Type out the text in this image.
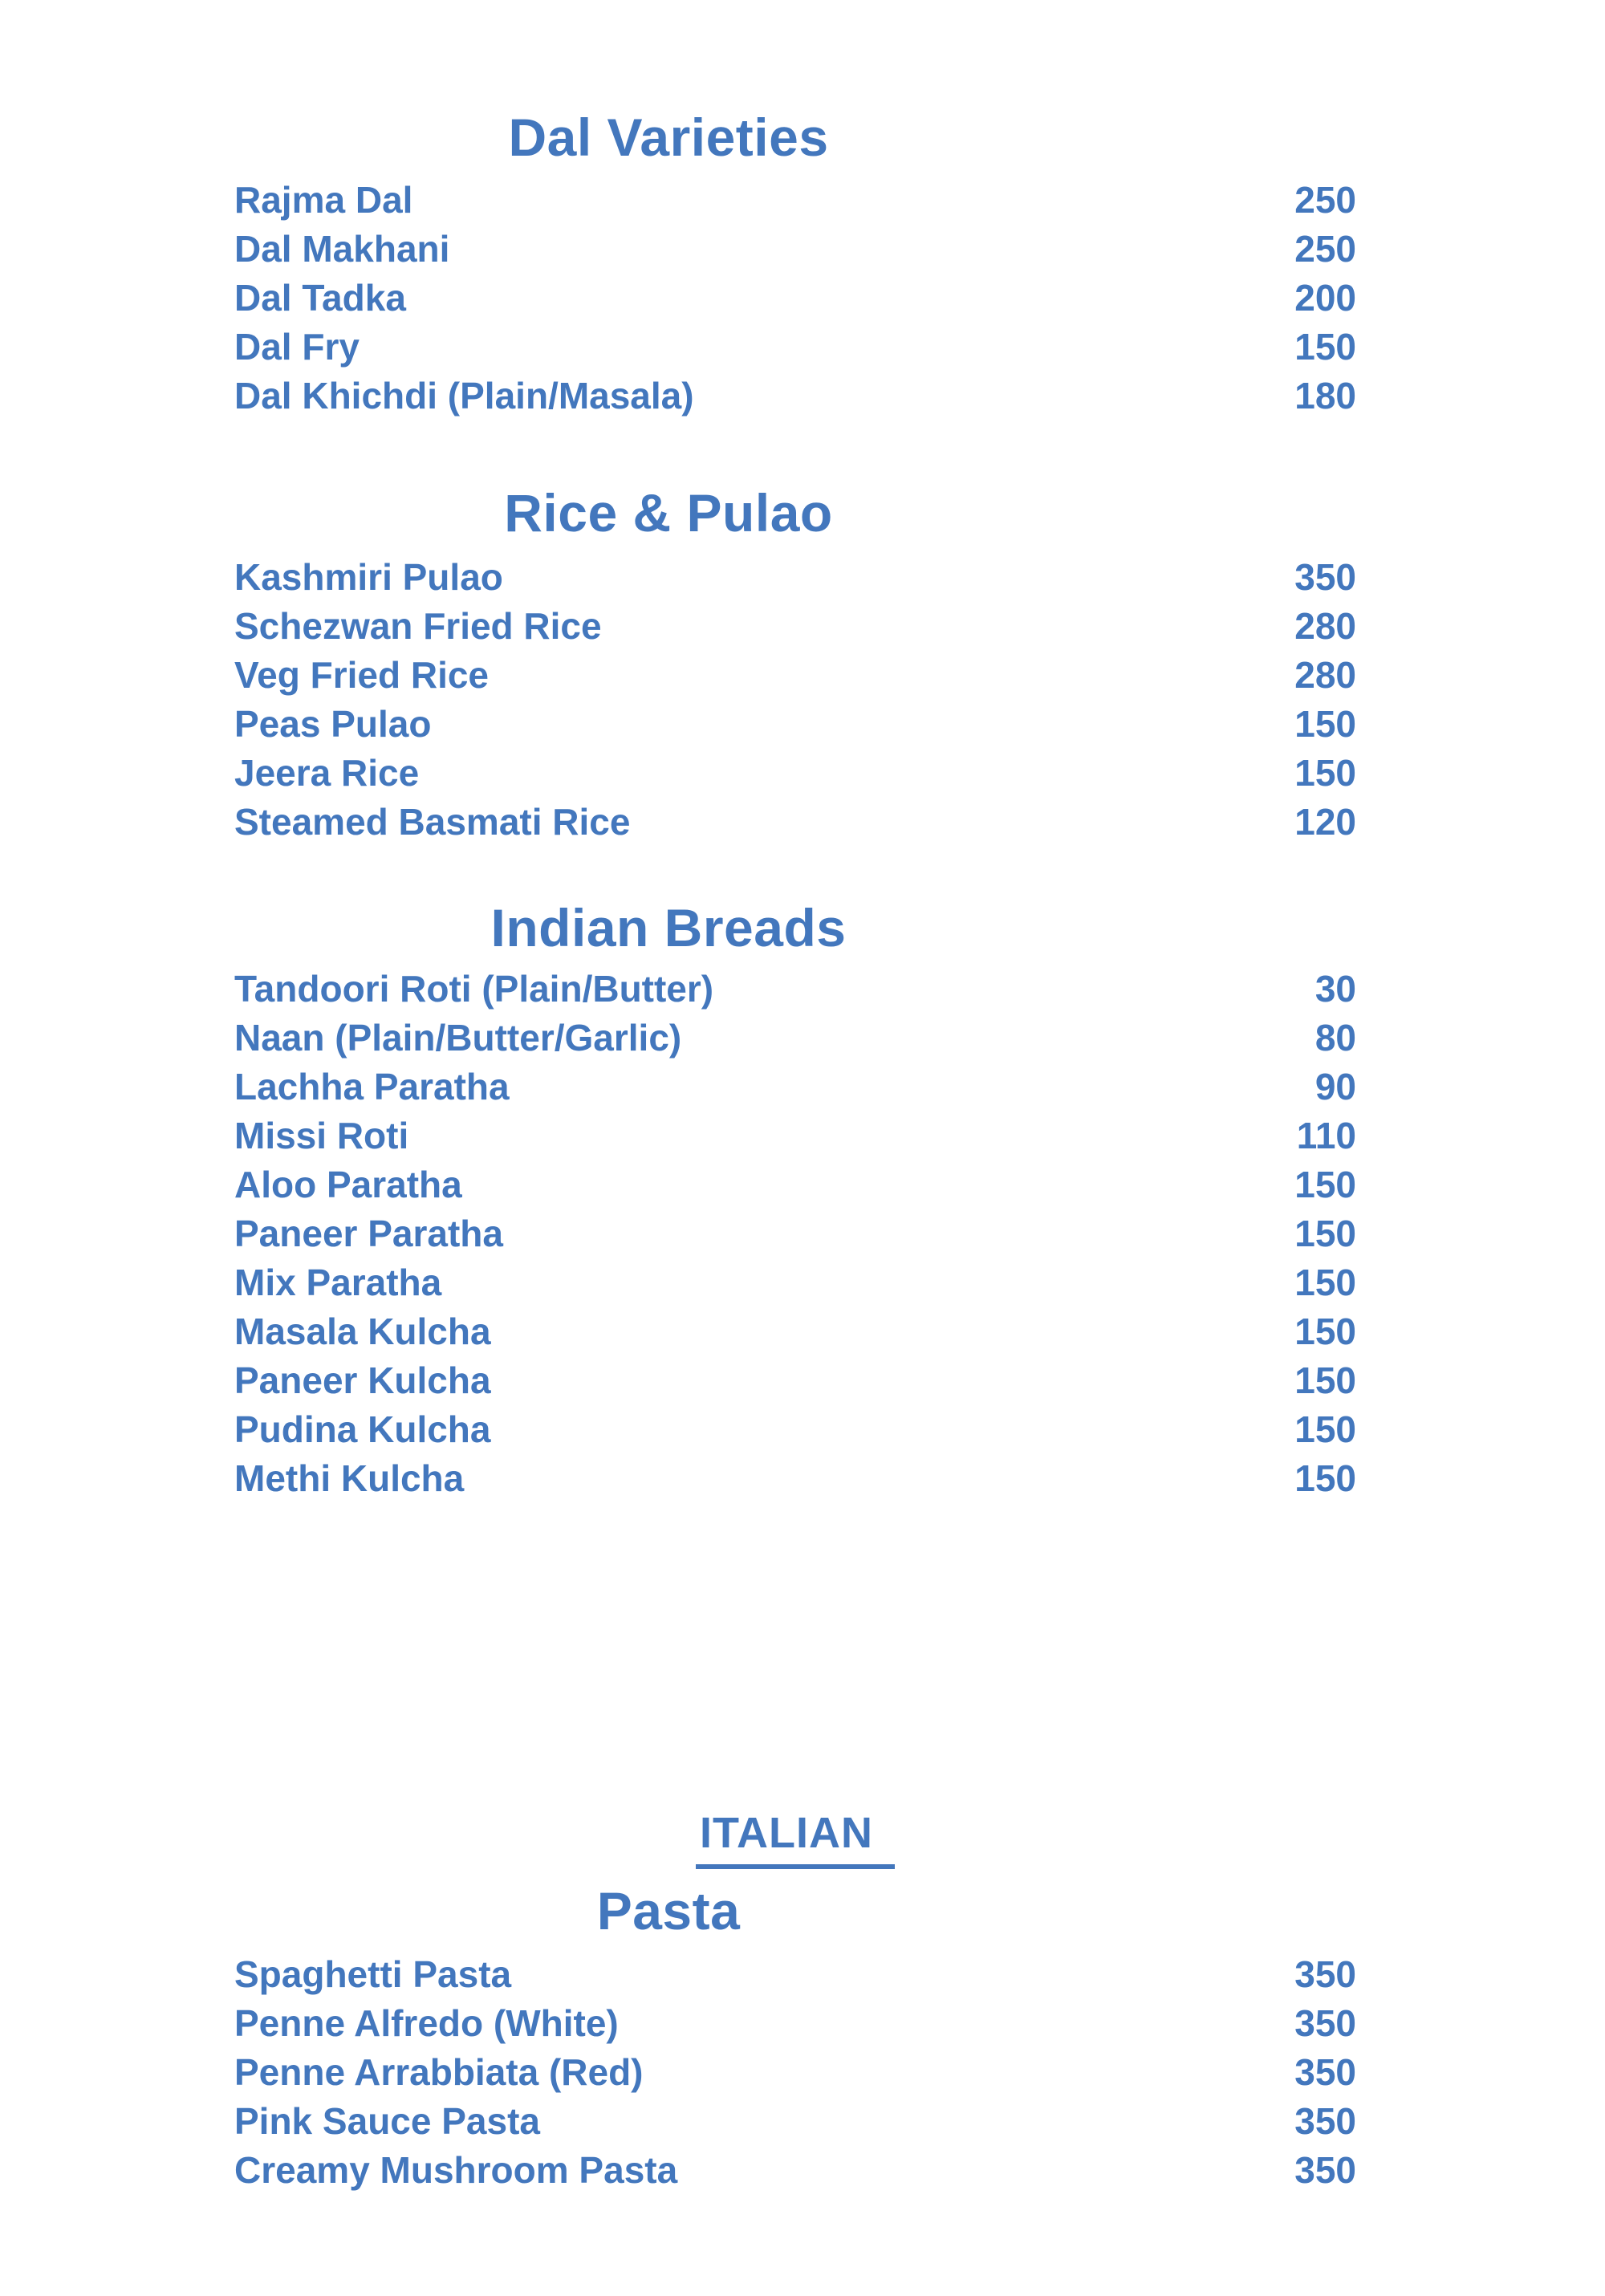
Dal Varieties
Rajma Dal	250
Dal Makhani	250
Dal Tadka	200
Dal Fry	150
Dal Khichdi (Plain/Masala)	180
Rice & Pulao
Kashmiri Pulao	350
Schezwan Fried Rice	280
Veg Fried Rice	280
Peas Pulao	150
Jeera Rice	150
Steamed Basmati Rice	120
Indian Breads
Tandoori Roti (Plain/Butter)	30
Naan (Plain/Butter/Garlic)	80
Lachha Paratha	90
Missi Roti	110
Aloo Paratha	150
Paneer Paratha	150
Mix Paratha	150
Masala Kulcha	150
Paneer Kulcha	150
Pudina Kulcha	150
Methi Kulcha	150
ITALIAN
Pasta
Spaghetti Pasta	350
Penne Alfredo (White)	350
Penne Arrabbiata (Red)	350
Pink Sauce Pasta	350
Creamy Mushroom Pasta	350
